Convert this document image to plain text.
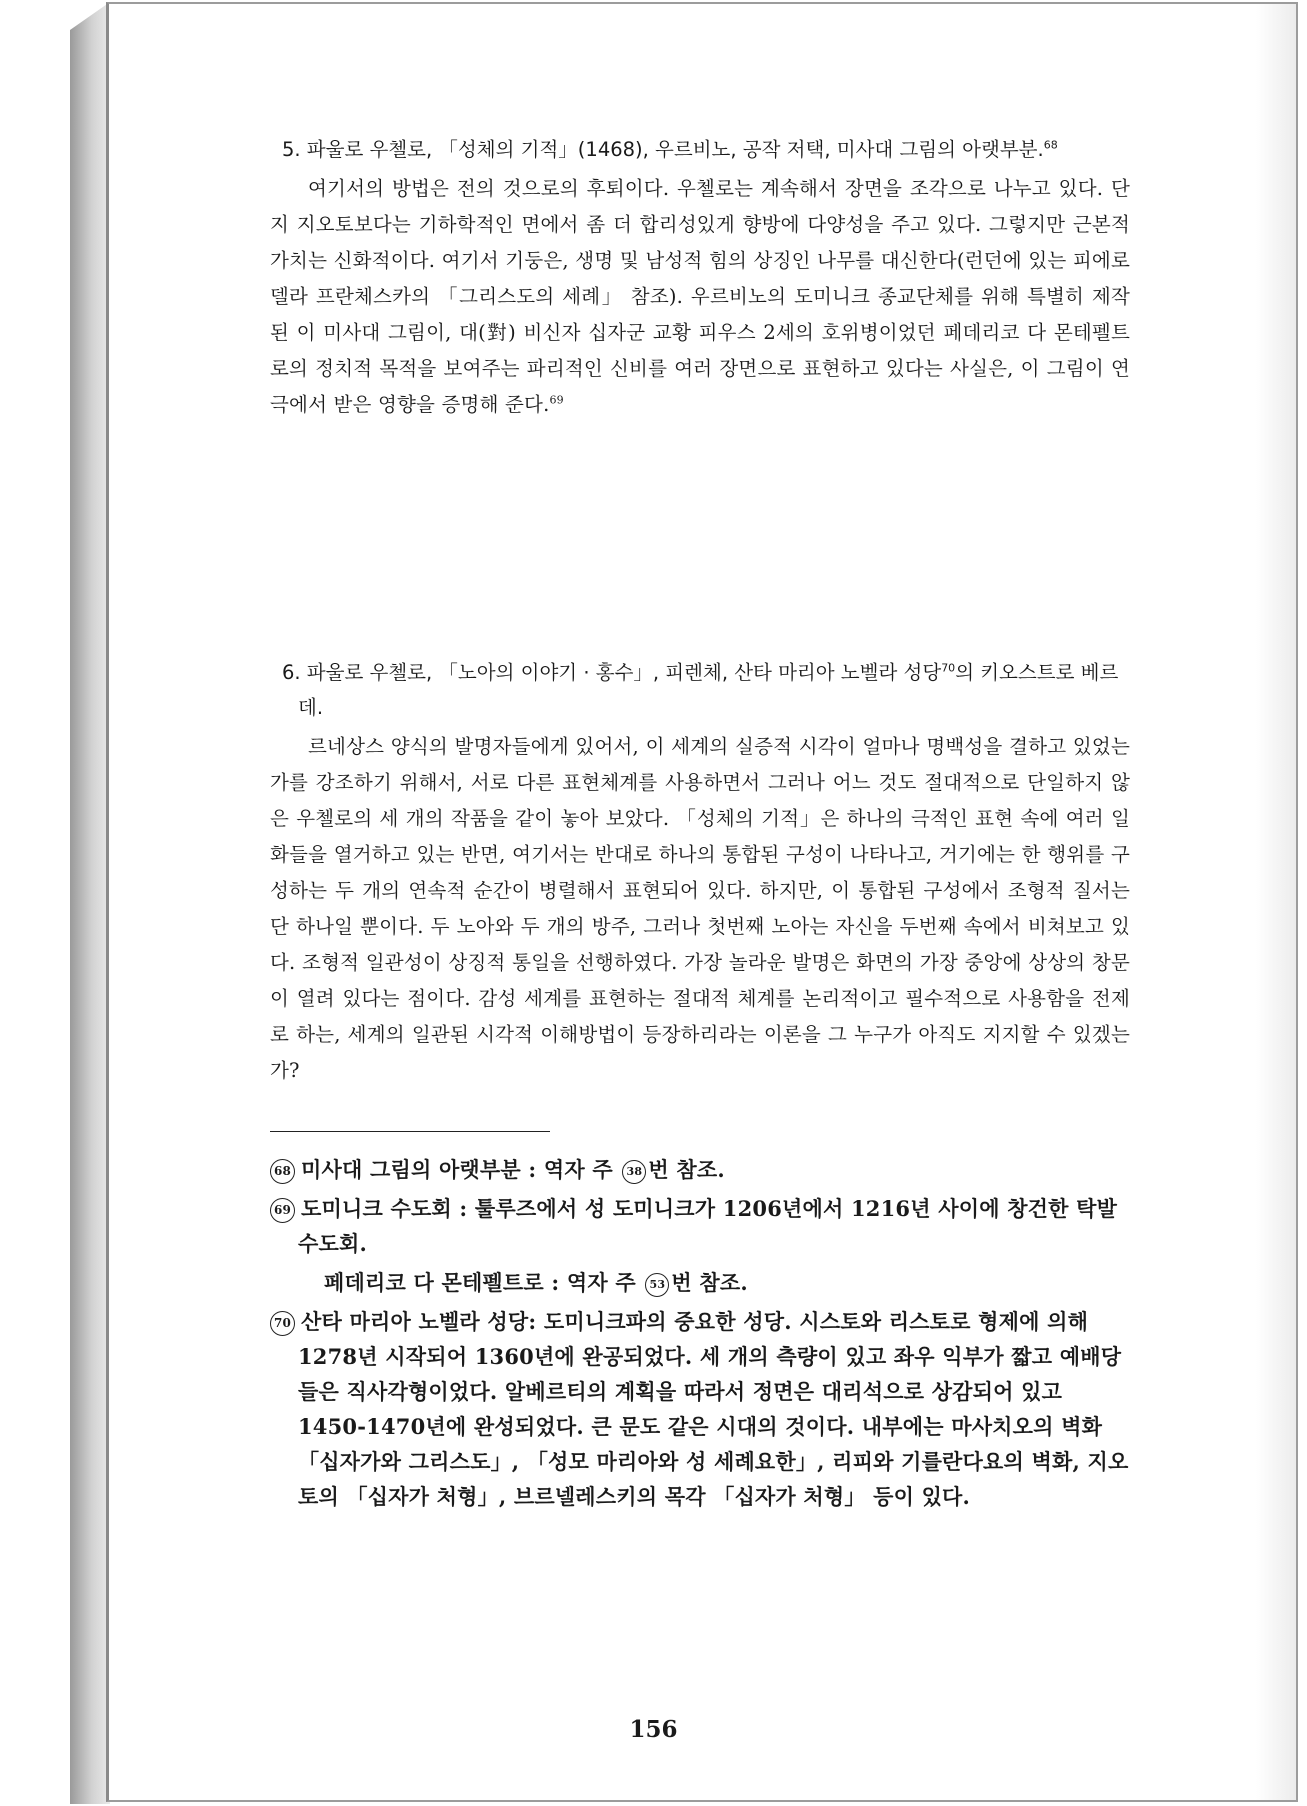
5. 파울로 우첼로, 「성체의 기적」(1468), 우르비노, 공작 저택, 미사대 그림의 아랫부분.$^{68}$

여기서의 방법은 전의 것으로의 후퇴이다. 우첼로는 계속해서 장면을 조각으로 나누고 있다. 단지 지오토보다는 기하학적인 면에서 좀 더 합리성있게 향방에 다양성을 주고 있다. 그렇지만 근본적 가치는 신화적이다. 여기서 기둥은, 생명 및 남성적 힘의 상징인 나무를 대신한다(런던에 있는 피에로 델라 프란체스카의 「그리스도의 세례」 참조). 우르비노의 도미니크 종교단체를 위해 특별히 제작된 이 미사대 그림이, 대(對) 비신자 십자군 교황 피우스 2세의 호위병이었던 페데리코 다 몬테펠트로의 정치적 목적을 보여주는 파리적인 신비를 여러 장면으로 표현하고 있다는 사실은, 이 그림이 연극에서 받은 영향을 증명해 준다.$^{69}$

6. 파울로 우첼로, 「노아의 이야기 · 홍수」, 피렌체, 산타 마리아 노벨라 성당$^{70}$의 키오스트로 베르데.

르네상스 양식의 발명자들에게 있어서, 이 세계의 실증적 시각이 얼마나 명백성을 결하고 있었는가를 강조하기 위해서, 서로 다른 표현체계를 사용하면서 그러나 어느 것도 절대적으로 단일하지 않은 우첼로의 세 개의 작품을 같이 놓아 보았다. 「성체의 기적」은 하나의 극적인 표현 속에 여러 일화들을 열거하고 있는 반면, 여기서는 반대로 하나의 통합된 구성이 나타나고, 거기에는 한 행위를 구성하는 두 개의 연속적 순간이 병렬해서 표현되어 있다. 하지만, 이 통합된 구성에서 조형적 질서는 단 하나일 뿐이다. 두 노아와 두 개의 방주, 그러나 첫번째 노아는 자신을 두번째 속에서 비쳐보고 있다. 조형적 일관성이 상징적 통일을 선행하였다. 가장 놀라운 발명은 화면의 가장 중앙에 상상의 창문이 열려 있다는 점이다. 감성 세계를 표현하는 절대적 체계를 논리적이고 필수적으로 사용함을 전제로 하는, 세계의 일관된 시각적 이해방법이 등장하리라는 이론을 그 누구가 아직도 지지할 수 있겠는가?

68 미사대 그림의 아랫부분 : 역자 주 38 번 참조.

69 도미니크 수도회 : 툴루즈에서 성 도미니크가 1206년에서 1216년 사이에 창건한 탁발 수도회.

페데리코 다 몬테펠트로 : 역자 주 53 번 참조.

70 산타 마리아 노벨라 성당: 도미니크파의 중요한 성당. 시스토와 리스토로 형제에 의해 1278년 시작되어 1360년에 완공되었다. 세 개의 측량이 있고 좌우 익부가 짧고 예배당들은 직사각형이었다. 알베르티의 계획을 따라서 정면은 대리석으로 상감되어 있고 1450-1470년에 완성되었다. 큰 문도 같은 시대의 것이다. 내부에는 마사치오의 벽화 「십자가와 그리스도」, 「성모 마리아와 성 세례요한」, 리피와 기를란다요의 벽화, 지오토의 「십자가 처형」, 브르넬레스키의 목각 「십자가 처형」 등이 있다.

156
